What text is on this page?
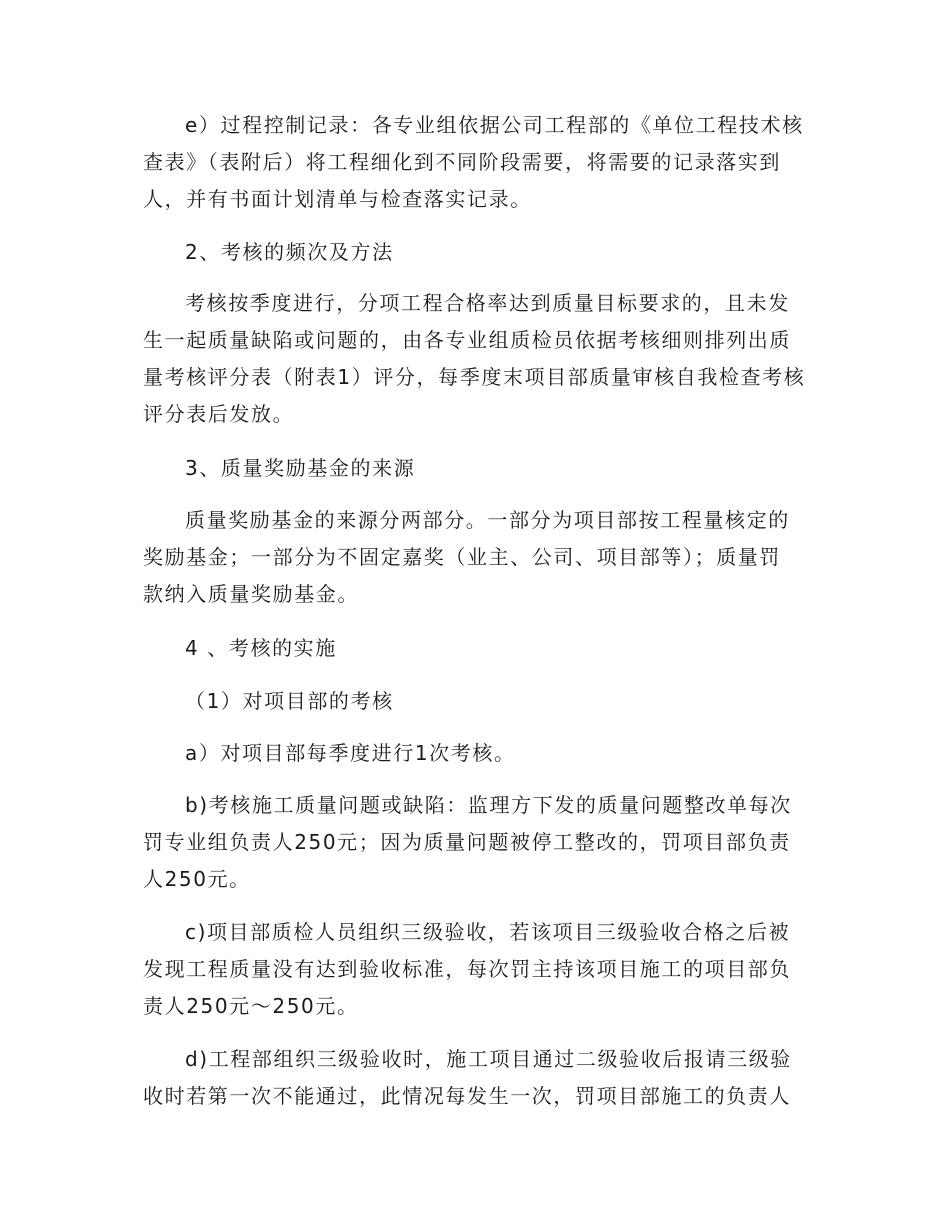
e）过程控制记录：各专业组依据公司工程部的《单位工程技术核
查表》（表附后）将工程细化到不同阶段需要，将需要的记录落实到
人，并有书面计划清单与检查落实记录。

2、考核的频次及方法

考核按季度进行，分项工程合格率达到质量目标要求的，且未发
生一起质量缺陷或问题的，由各专业组质检员依据考核细则排列出质
量考核评分表（附表1）评分，每季度末项目部质量审核自我检查考核
评分表后发放。

3、质量奖励基金的来源

质量奖励基金的来源分两部分。一部分为项目部按工程量核定的
奖励基金；一部分为不固定嘉奖（业主、公司、项目部等）；质量罚
款纳入质量奖励基金。

4 、考核的实施

（1）对项目部的考核

a）对项目部每季度进行1次考核。

b)考核施工质量问题或缺陷：监理方下发的质量问题整改单每次
罚专业组负责人250元；因为质量问题被停工整改的，罚项目部负责
人250元。

c)项目部质检人员组织三级验收，若该项目三级验收合格之后被
发现工程质量没有达到验收标准，每次罚主持该项目施工的项目部负
责人250元～250元。

d)工程部组织三级验收时，施工项目通过二级验收后报请三级验
收时若第一次不能通过，此情况每发生一次，罚项目部施工的负责人
